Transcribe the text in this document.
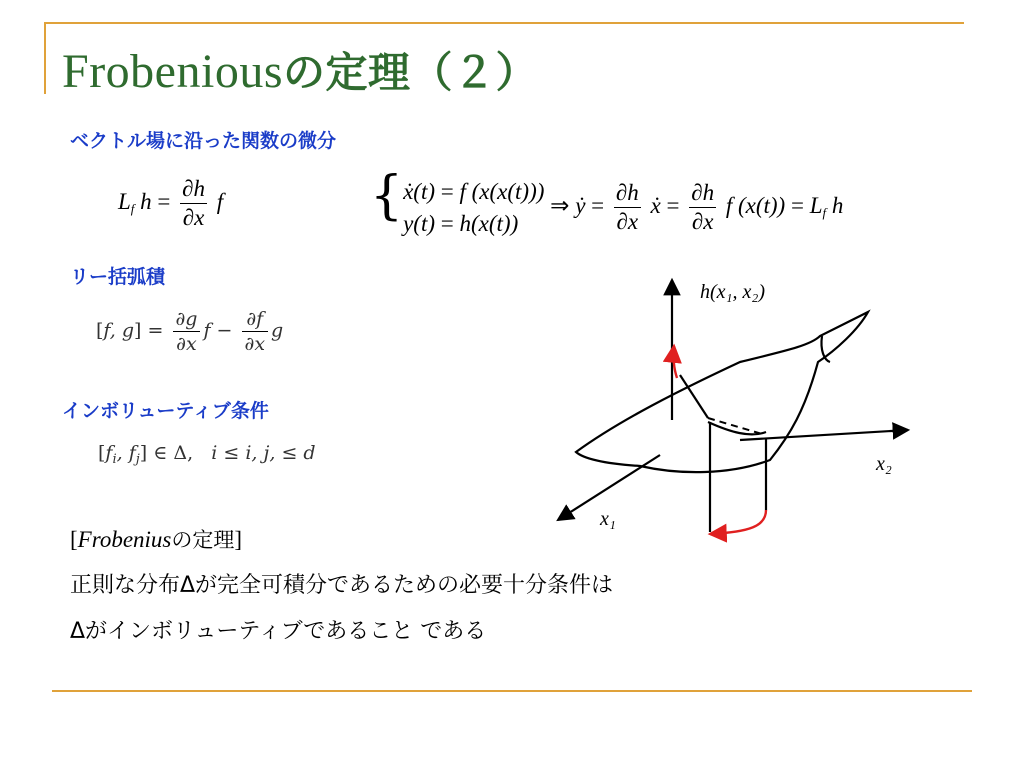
Frobeniousの定理（２）
ベクトル場に沿った関数の微分
$L_f$ $h = \frac{\partial h}{\partial x}$ f	{ ẋ(t) = f (x(x(t)))
y(t) = h(x(t))
⇒ ẏ = $\frac{\partial h}{\partial x}$ ẋ = $\frac{\partial h}{\partial x}$ f $(x(t)) = L_f$ h
リー括弧積
[f, $g] = \frac{\partial g}{\partial x}$ $f - \frac{\partial f}{\partial x}$ g
インボリューティブ条件
[$f_i$, $f_j$] ∈ Δ,   i ≤ i, j, ≤ d
h(x₁, x₂)
x₂
x₁
[Frobeniusの定理]
正則な分布Δが完全可積分であるための必要十分条件は
Δがインボリューティブであること である
